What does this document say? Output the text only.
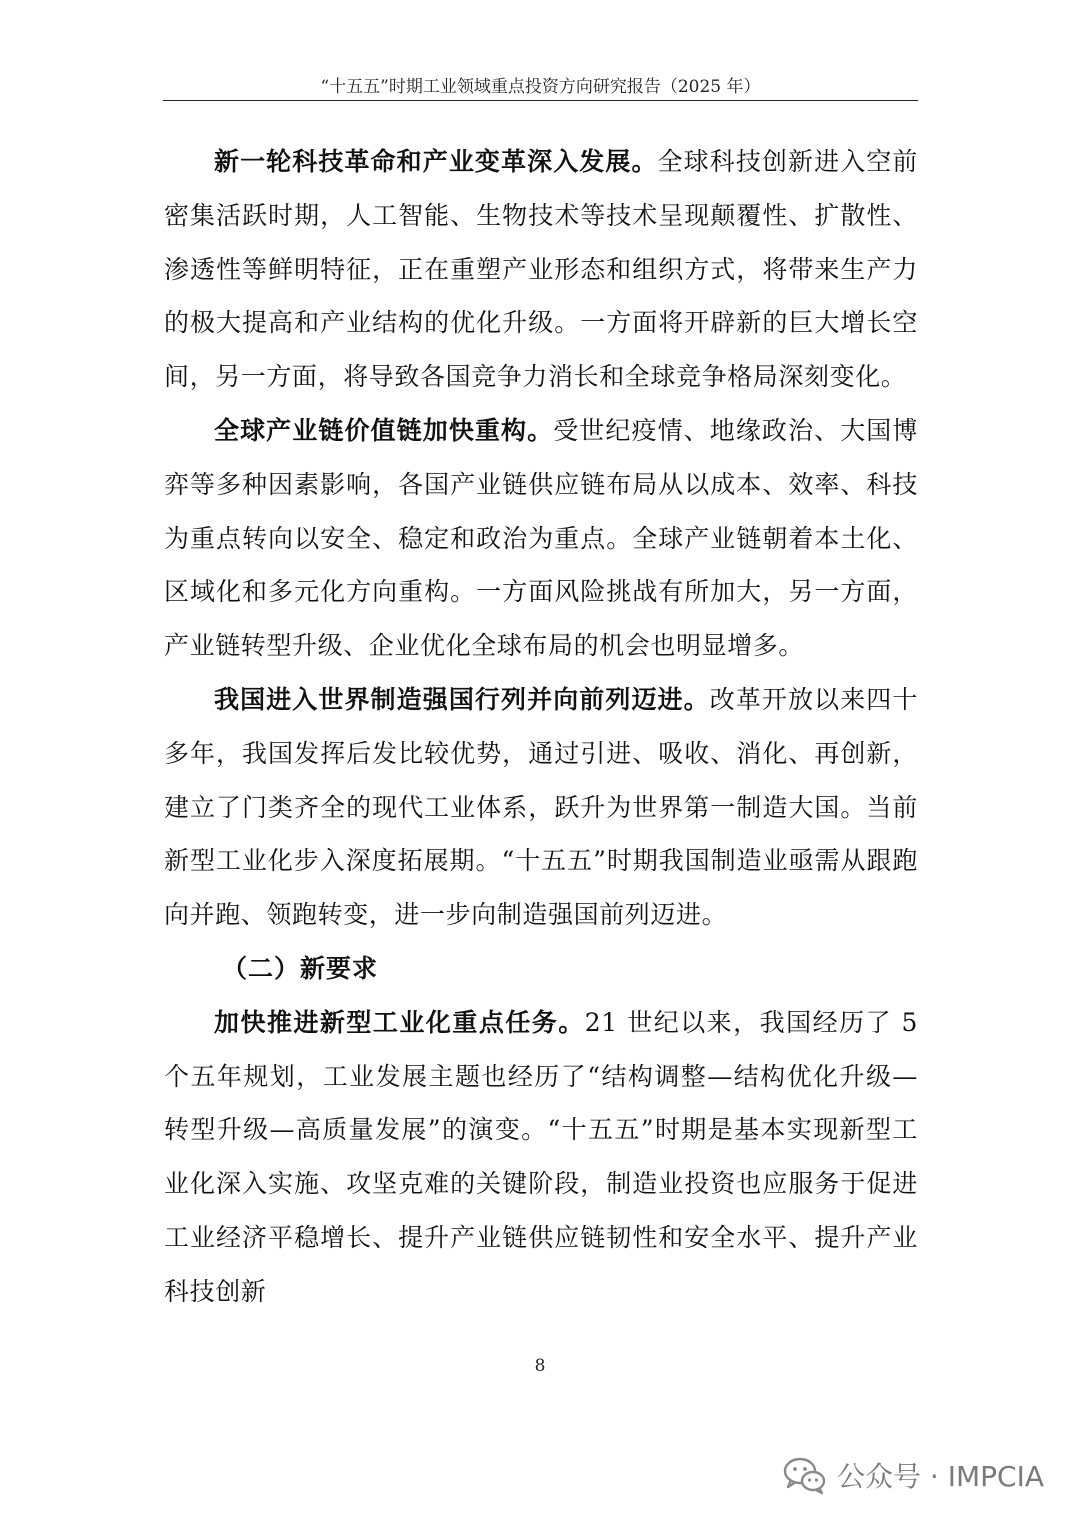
“十五五”时期工业领域重点投资方向研究报告（2025 年）

新一轮科技革命和产业变革深入发展。全球科技创新进入空前密集活跃时期，人工智能、生物技术等技术呈现颠覆性、扩散性、渗透性等鲜明特征，正在重塑产业形态和组织方式，将带来生产力的极大提高和产业结构的优化升级。一方面将开辟新的巨大增长空间，另一方面，将导致各国竞争力消长和全球竞争格局深刻变化。

全球产业链价值链加快重构。受世纪疫情、地缘政治、大国博弈等多种因素影响，各国产业链供应链布局从以成本、效率、科技为重点转向以安全、稳定和政治为重点。全球产业链朝着本土化、区域化和多元化方向重构。一方面风险挑战有所加大，另一方面，产业链转型升级、企业优化全球布局的机会也明显增多。

我国进入世界制造强国行列并向前列迈进。改革开放以来四十多年，我国发挥后发比较优势，通过引进、吸收、消化、再创新，建立了门类齐全的现代工业体系，跃升为世界第一制造大国。当前新型工业化步入深度拓展期。“十五五”时期我国制造业亟需从跟跑向并跑、领跑转变，进一步向制造强国前列迈进。

（二）新要求

加快推进新型工业化重点任务。21 世纪以来，我国经历了 5 个五年规划，工业发展主题也经历了“结构调整—结构优化升级—转型升级—高质量发展”的演变。“十五五”时期是基本实现新型工业化深入实施、攻坚克难的关键阶段，制造业投资也应服务于促进工业经济平稳增长、提升产业链供应链韧性和安全水平、提升产业科技创新

8
公众号 · IMPCIA
